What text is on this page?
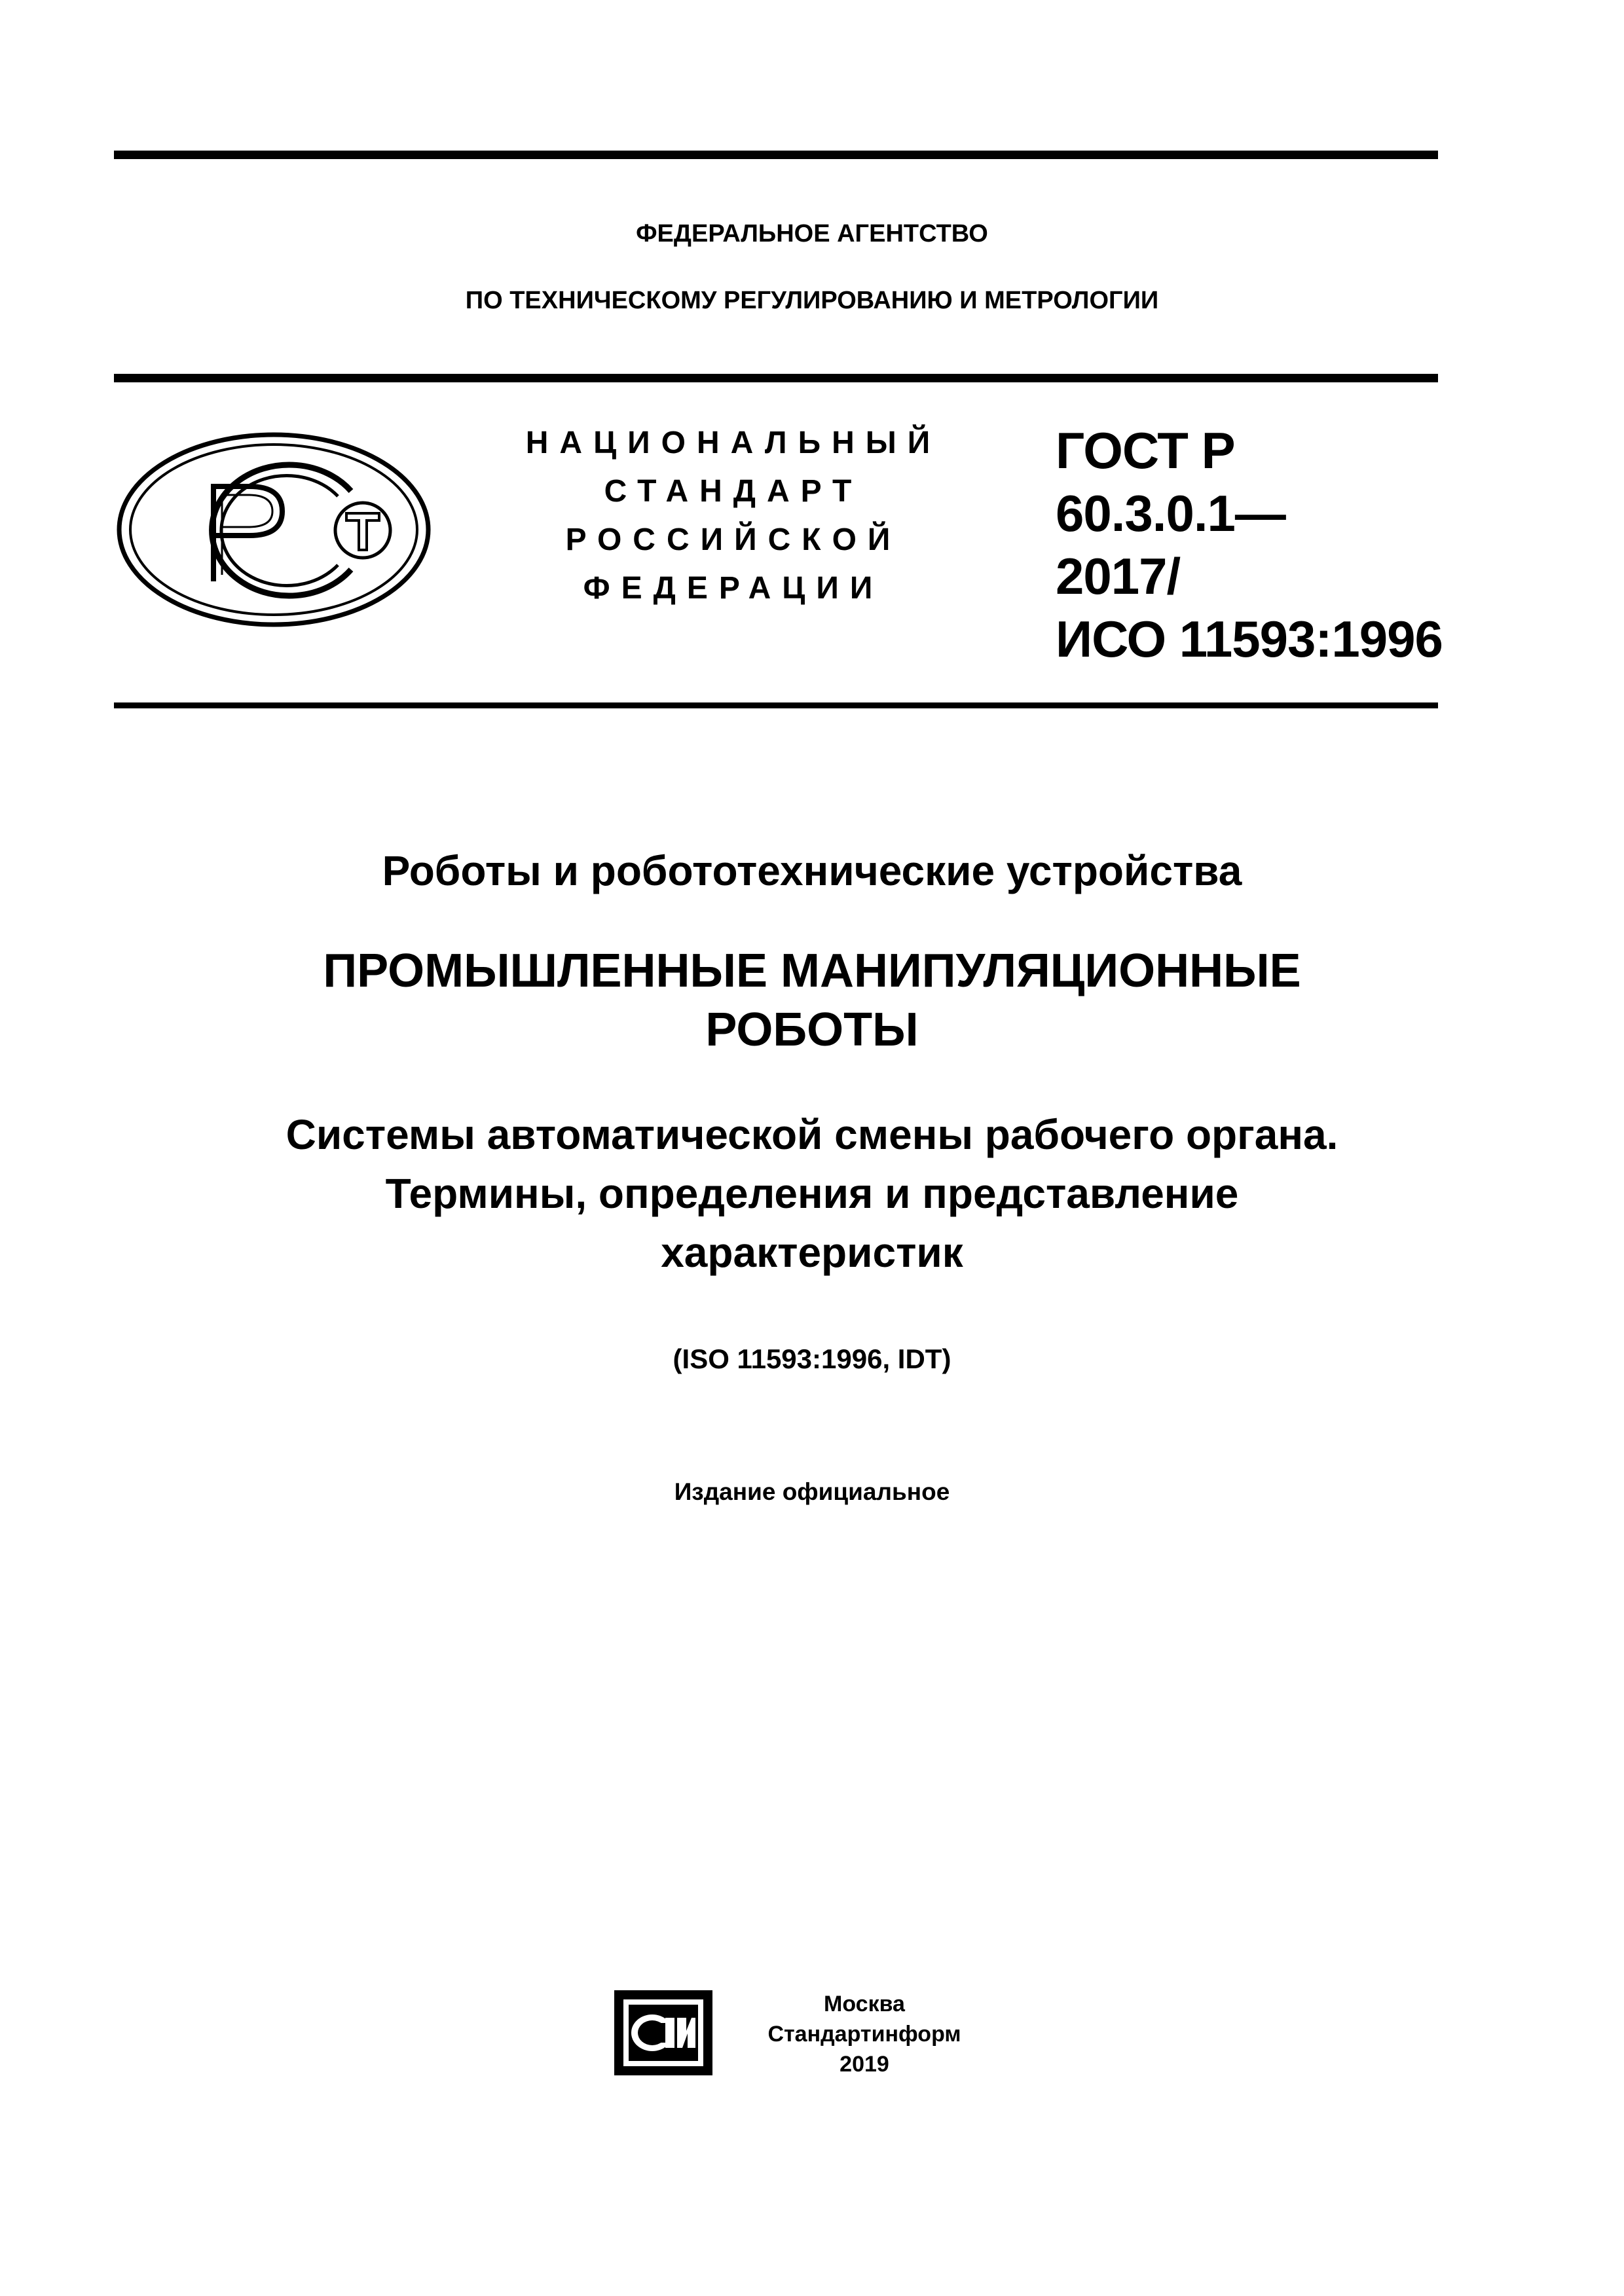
ФЕДЕРАЛЬНОЕ АГЕНТСТВО
ПО ТЕХНИЧЕСКОМУ РЕГУЛИРОВАНИЮ И МЕТРОЛОГИИ
НАЦИОНАЛЬНЫЙ
СТАНДАРТ
РОССИЙСКОЙ
ФЕДЕРАЦИИ
ГОСТ Р
60.3.0.1—
2017/
ИСО 11593:1996
Роботы и робототехнические устройства
ПРОМЫШЛЕННЫЕ МАНИПУЛЯЦИОННЫЕ
РОБОТЫ
Системы автоматической смены рабочего органа.
Термины, определения и представление
характеристик
(ISO 11593:1996, IDT)
Издание официальное
Москва
Стандартинформ
2019
